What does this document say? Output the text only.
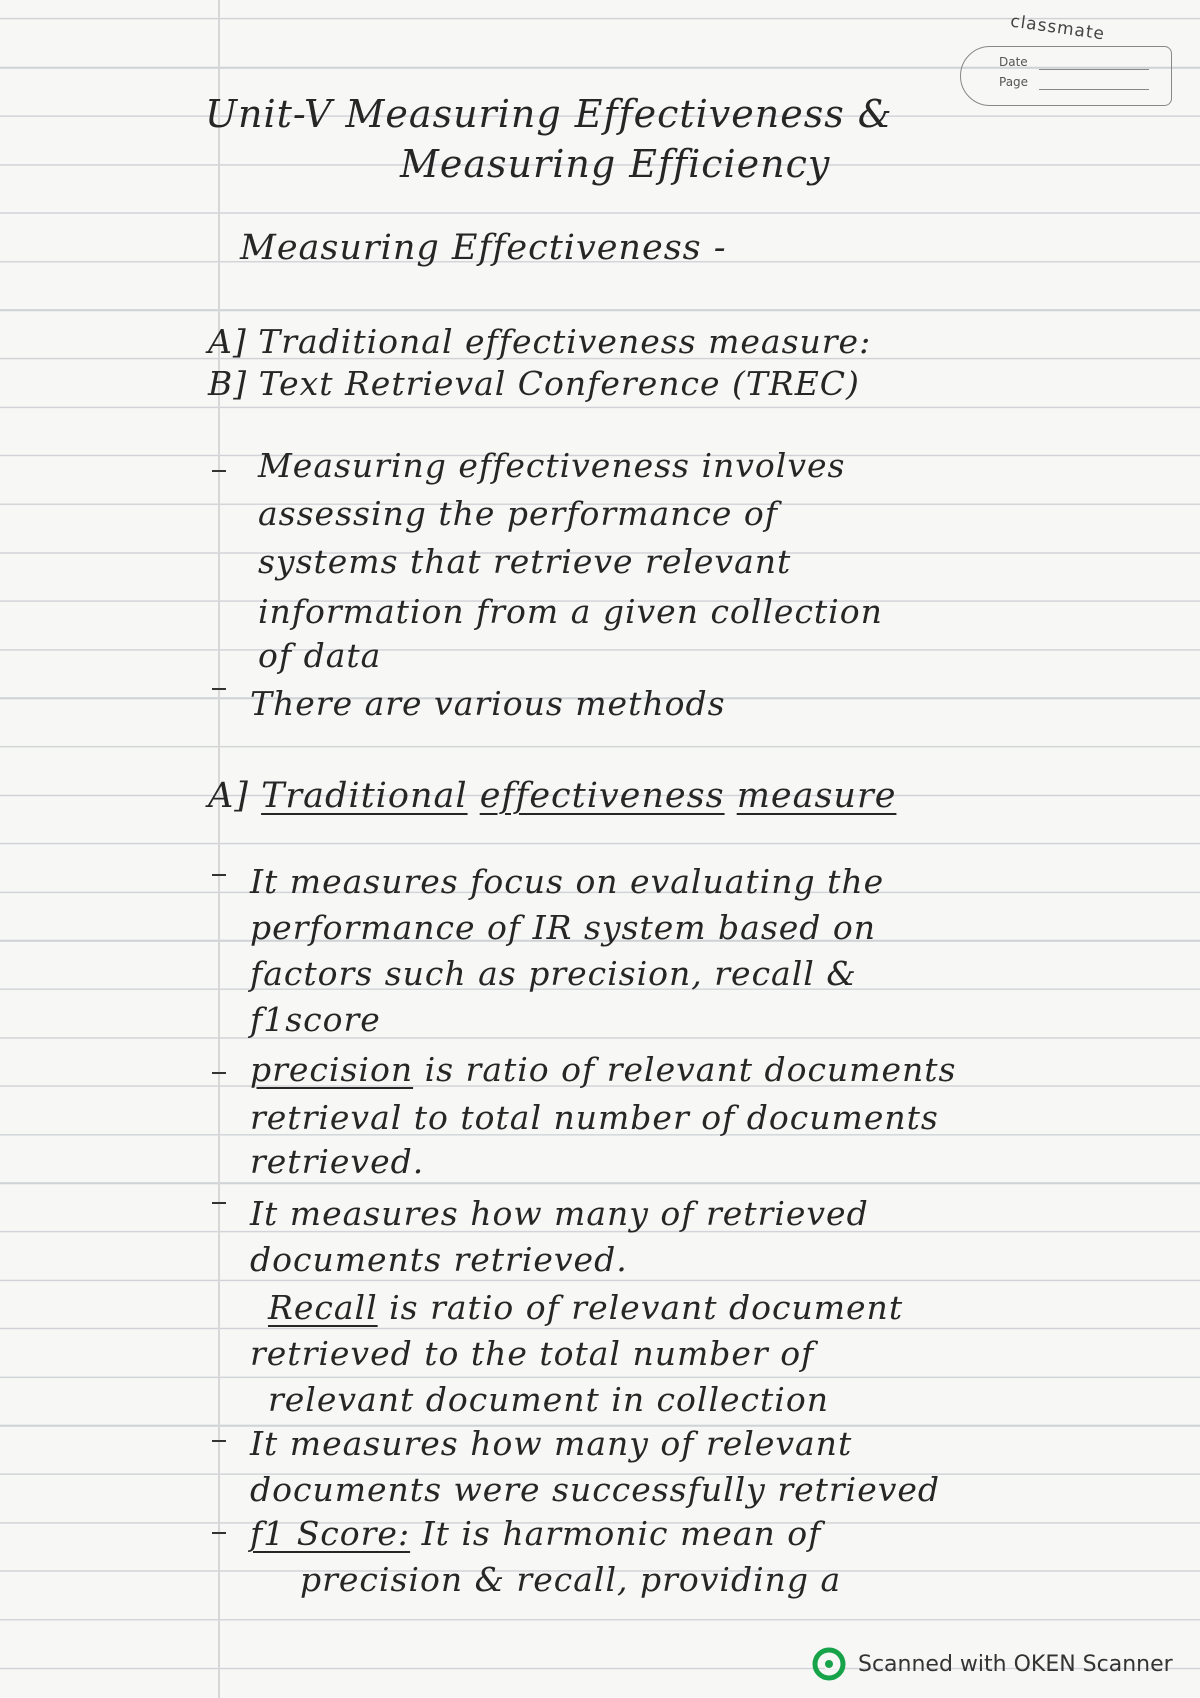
classmate
Date
Page

Unit-V Measuring Effectiveness &

Measuring Efficiency

Measuring Effectiveness -

A] Traditional effectiveness measure:

B] Text Retrieval Conference (TREC)

Measuring effectiveness involves

assessing the performance of

systems that retrieve relevant

information from a given collection

of data

There are various methods

A] Traditional effectiveness measure

It measures focus on evaluating the

performance of IR system based on

factors such as precision, recall &

f1score

precision is ratio of relevant documents

retrieval to total number of documents

retrieved.

It measures how many of retrieved

documents retrieved.

Recall is ratio of relevant document

retrieved to the total number of

relevant document in collection

It measures how many of relevant

documents were successfully retrieved

f1 Score: It is harmonic mean of

precision & recall, providing a

Scanned with OKEN Scanner
